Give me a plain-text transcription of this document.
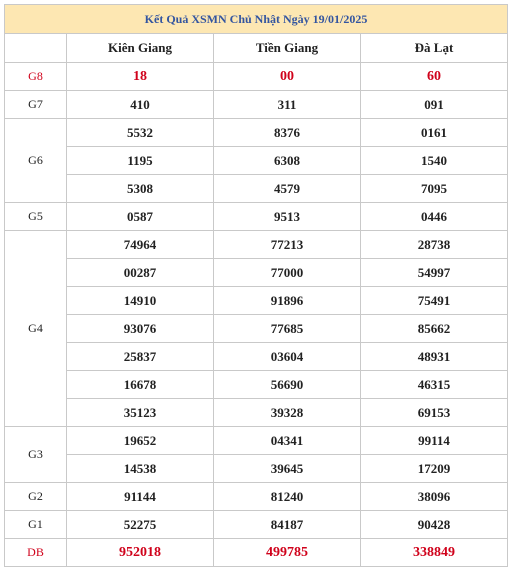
Kết Quả XSMN Chủ Nhật Ngày 19/01/2025			
	Kiên Giang	Tiền Giang	Đà Lạt
G8	18	00	60
G7	410	311	091
G6	5532	8376	0161
	1195	6308	1540
	5308	4579	7095
G5	0587	9513	0446
G4	74964	77213	28738
	00287	77000	54997
	14910	91896	75491
	93076	77685	85662
	25837	03604	48931
	16678	56690	46315
	35123	39328	69153
G3	19652	04341	99114
	14538	39645	17209
G2	91144	81240	38096
G1	52275	84187	90428
DB	952018	499785	338849
